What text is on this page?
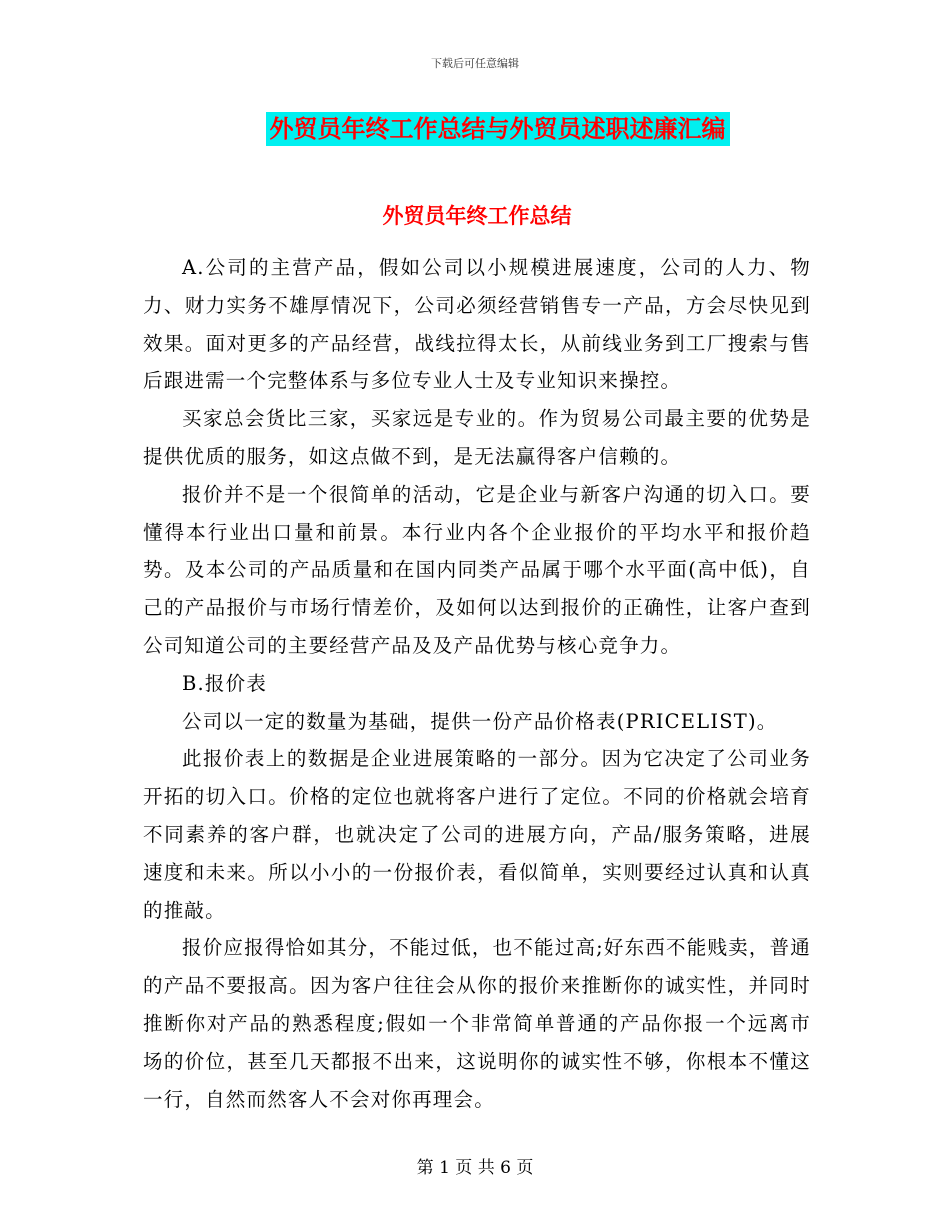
下载后可任意编辑
外贸员年终工作总结与外贸员述职述廉汇编
外贸员年终工作总结

A.公司的主营产品，假如公司以小规模进展速度，公司的人力、物力、财力实务不雄厚情况下，公司必须经营销售专一产品，方会尽快见到效果。面对更多的产品经营，战线拉得太长，从前线业务到工厂搜索与售后跟进需一个完整体系与多位专业人士及专业知识来操控。

买家总会货比三家，买家远是专业的。作为贸易公司最主要的优势是提供优质的服务，如这点做不到，是无法赢得客户信赖的。

报价并不是一个很简单的活动，它是企业与新客户沟通的切入口。要懂得本行业出口量和前景。本行业内各个企业报价的平均水平和报价趋势。及本公司的产品质量和在国内同类产品属于哪个水平面(高中低)，自己的产品报价与市场行情差价，及如何以达到报价的正确性，让客户查到公司知道公司的主要经营产品及及产品优势与核心竞争力。

B.报价表

公司以一定的数量为基础，提供一份产品价格表(PRICELIST)。

此报价表上的数据是企业进展策略的一部分。因为它决定了公司业务开拓的切入口。价格的定位也就将客户进行了定位。不同的价格就会培育不同素养的客户群，也就决定了公司的进展方向，产品/服务策略，进展速度和未来。所以小小的一份报价表，看似简单，实则要经过认真和认真的推敲。

报价应报得恰如其分，不能过低，也不能过高;好东西不能贱卖，普通的产品不要报高。因为客户往往会从你的报价来推断你的诚实性，并同时推断你对产品的熟悉程度;假如一个非常简单普通的产品你报一个远离市场的价位，甚至几天都报不出来，这说明你的诚实性不够，你根本不懂这一行，自然而然客人不会对你再理会。

第 1 页 共 6 页
